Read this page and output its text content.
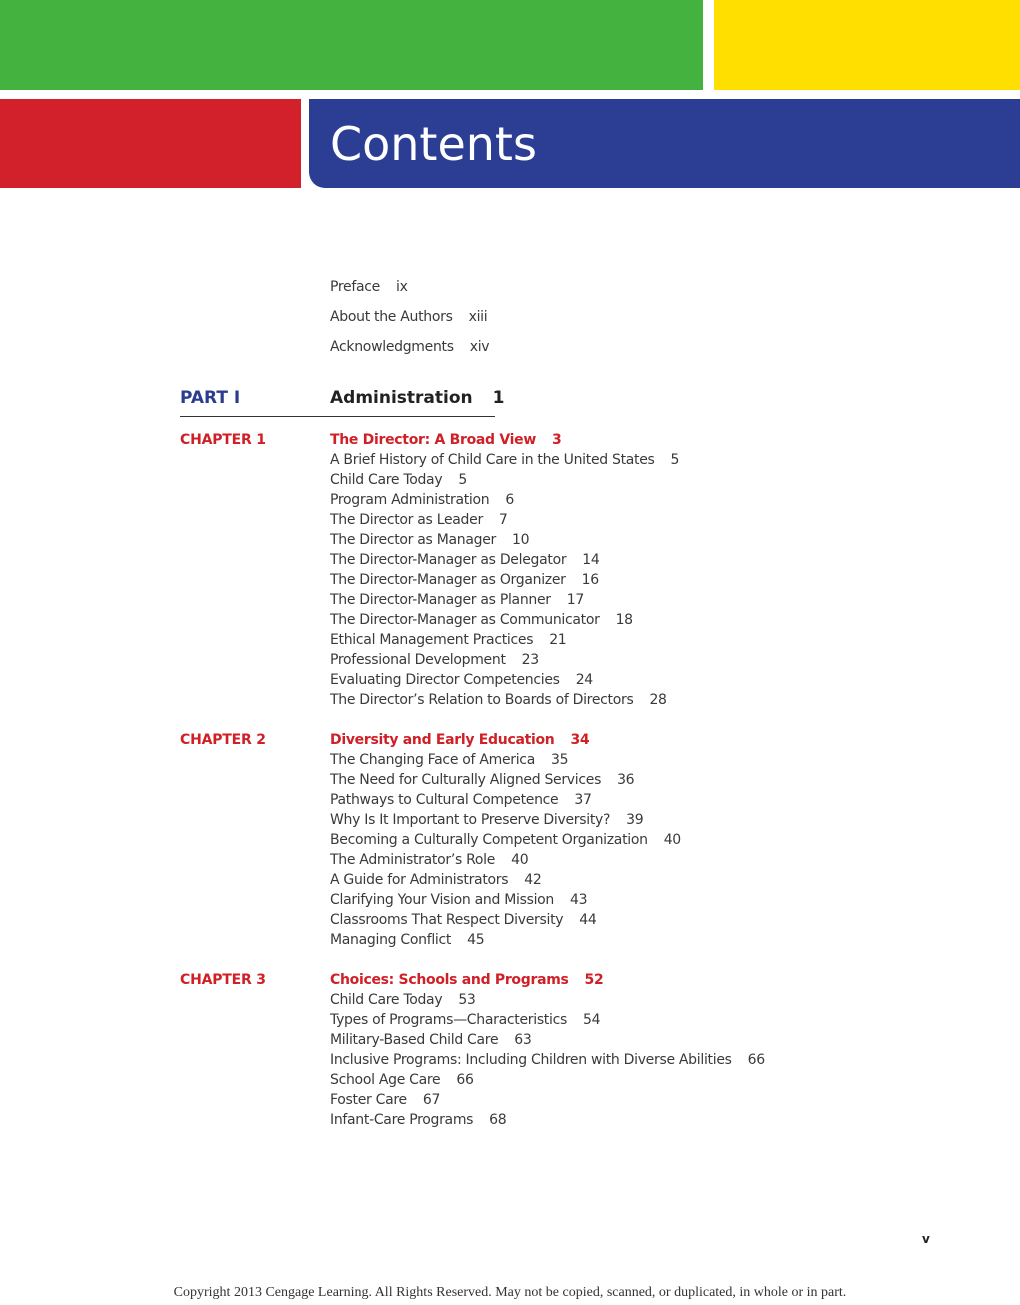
Contents
Preface ix
About the Authors xiii
Acknowledgments xiv
PART I	Administration 1
CHAPTER 1	The Director: A Broad View 3
A Brief History of Child Care in the United States 5
Child Care Today 5
Program Administration 6
The Director as Leader 7
The Director as Manager 10
The Director-Manager as Delegator 14
The Director-Manager as Organizer 16
The Director-Manager as Planner 17
The Director-Manager as Communicator 18
Ethical Management Practices 21
Professional Development 23
Evaluating Director Competencies 24
The Director’s Relation to Boards of Directors 28
CHAPTER 2	Diversity and Early Education 34
The Changing Face of America 35
The Need for Culturally Aligned Services 36
Pathways to Cultural Competence 37
Why Is It Important to Preserve Diversity? 39
Becoming a Culturally Competent Organization 40
The Administrator’s Role 40
A Guide for Administrators 42
Clarifying Your Vision and Mission 43
Classrooms That Respect Diversity 44
Managing Conflict 45
CHAPTER 3	Choices: Schools and Programs 52
Child Care Today 53
Types of Programs—Characteristics 54
Military-Based Child Care 63
Inclusive Programs: Including Children with Diverse Abilities 66
School Age Care 66
Foster Care 67
Infant-Care Programs 68
v
Copyright 2013 Cengage Learning. All Rights Reserved. May not be copied, scanned, or duplicated, in whole or in part.
